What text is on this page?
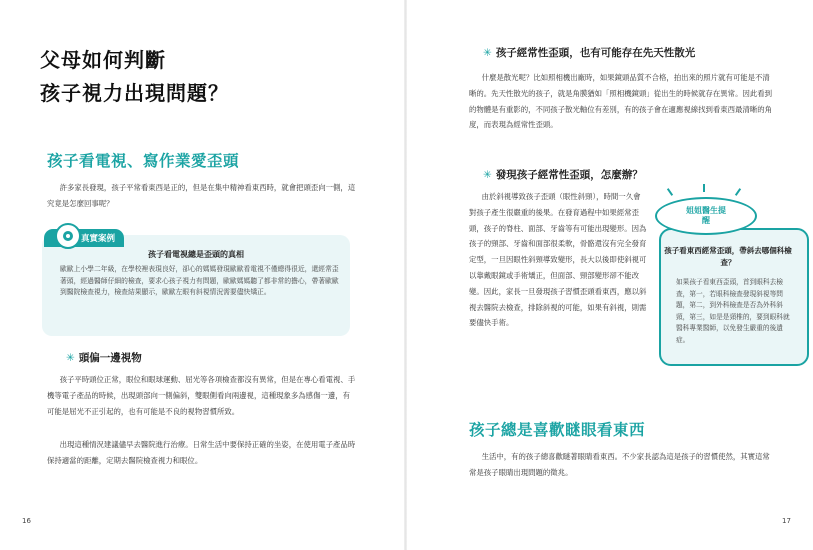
父母如何判斷
孩子視力出現問題？
孩子看電視、寫作業愛歪頭

許多家長發現，孩子平常看東西是正的，但是在集中精神看東西時，就會把頭歪向一側，這究竟是怎麼回事呢？

真實案例
孩子看電視總是歪頭的真相

歐歐上小學二年級，在學校裡表現良好，卻心的媽媽發現歐歐看電視不僅總得很近，還經常歪著頭，經過醫師仔細的檢查，要求心孩子視力有問題，歐歐媽媽聽了都非常的擔心，帶著歐歐到醫院檢查視力，檢查結果顯示，歐歐左眼有斜視情況需要儘快矯正。

✳ 頭偏一邊視物

孩子平時頭位正常，眼位和眼球運動、屈光等各項檢查都沒有異常，但是在專心看電視、手機等電子產品的時候，出現頭部向一側偏斜，雙眼側看向兩邊視，這種現象多為感傷一邊，有可能是屈光不正引起的，也有可能是不良的視物習慣所致。

出現這種情況建議儘早去醫院進行治療。日常生活中要保持正確的坐姿，在使用電子產品時保持適當的距離，定期去醫院檢查視力和眼位。

16
✳ 孩子經常性歪頭，也有可能存在先天性散光

什麼是散光呢？比如照相機出廠時，如果鏡頭品質不合格，拍出來的照片就有可能是不清晰的。先天性散光的孩子，就是角膜猶如「照相機鏡頭」從出生的時候就存在異常。因此看到的物體是有重影的，不同孩子散光軸位有差別，有的孩子會在適應視線找到看東西最清晰的角度，而表現為經常性歪頭。

✳ 發現孩子經常性歪頭，怎麼辦？

由於斜視導致孩子歪頭（眼性斜頸），時間一久會對孩子產生很嚴重的後果。在發育過程中如果經常歪頭，孩子的脊柱、面部、牙齒等有可能出現變形。因為孩子的頸部、牙齒和面部很柔軟，骨骼還沒有完全發育定型，一旦因眼性斜頸導致變形，長大以後即使斜視可以靠戴眼鏡或手術矯正，但面部、頸部變形卻不能改變。因此，家長一旦發現孩子習慣歪頭看東西，應以斜視去醫院去檢查，排除斜視的可能，如果有斜視，則需要儘快手術。

姐姐醫生提醒
孩子看東西經常歪頭，帶斜去哪個科檢查？

如果孩子看東西歪頭，首到眼科去檢查，第一，若眼科檢查發現斜視等問題，第二，到外科檢查是否為外科斜頸，第三，如是是頸椎的，要到眼科就醫科專業醫師，以免發生嚴重的後遺症。

孩子總是喜歡瞇眼看東西

生活中，有的孩子總喜歡瞇著眼睛看東西。不少家長認為這是孩子的習慣使然，其實這常常是孩子眼睛出現問題的徵兆。

17
